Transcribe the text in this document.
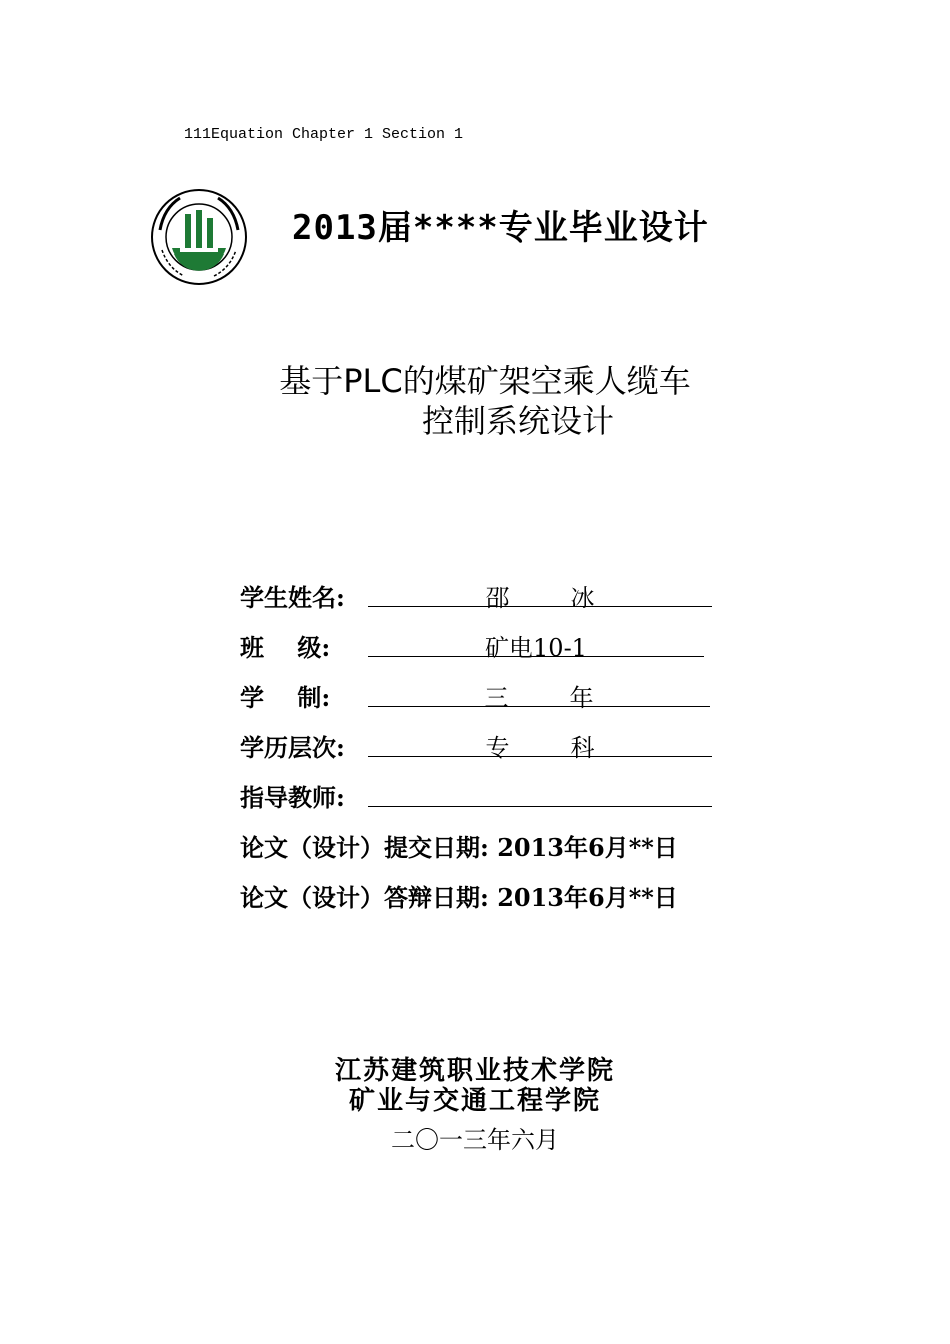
111Equation Chapter 1 Section 1
2013届****专业毕业设计
基于PLC的煤矿架空乘人缆车
控制系统设计
学生姓名:	邵        冰
班    级:	矿电10-1
学    制:	三        年
学历层次:	专        科
指导教师:
论文（设计）提交日期: 2013年6月**日
论文（设计）答辩日期: 2013年6月**日
江苏建筑职业技术学院
矿业与交通工程学院
二〇一三年六月
